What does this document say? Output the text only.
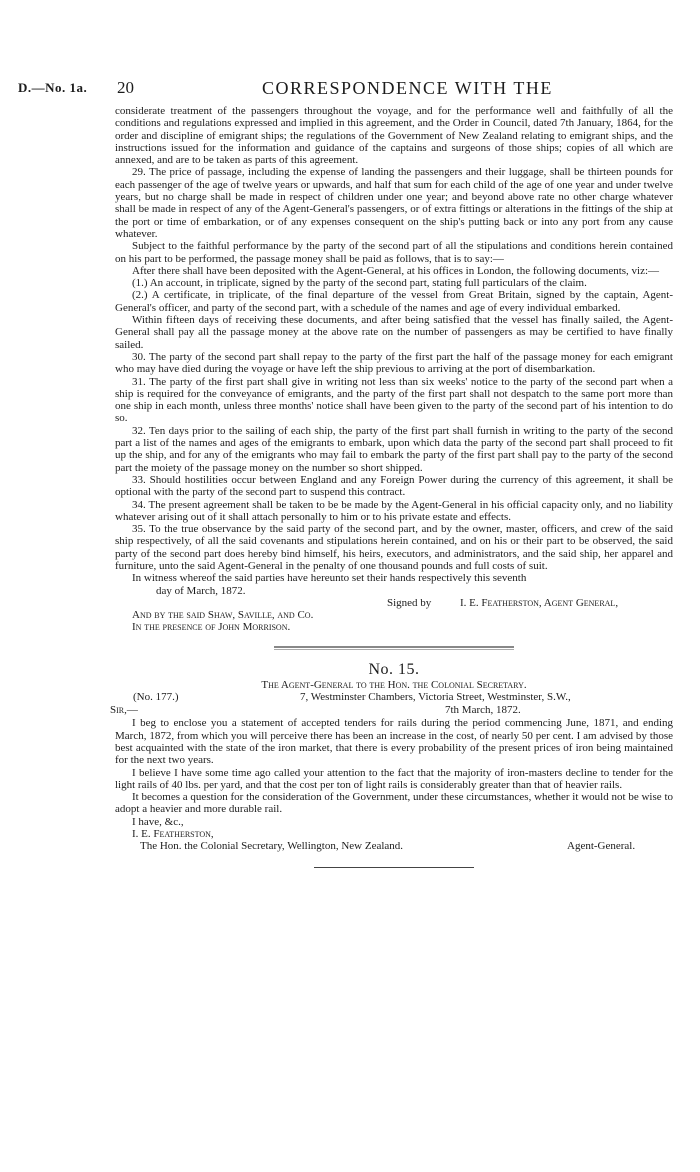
D.—No. 1a. 20	CORRESPONDENCE WITH THE

considerate treatment of the passengers throughout the voyage, and for the performance well and faithfully of all the conditions and regulations expressed and implied in this agreement, and the Order in Council, dated 7th January, 1864, for the order and discipline of emigrant ships; the regulations of the Government of New Zealand relating to emigrant ships, and the instructions issued for the information and guidance of the captains and surgeons of those ships; copies of all which are annexed, and are to be taken as parts of this agreement.

29. The price of passage, including the expense of landing the passengers and their luggage, shall be thirteen pounds for each passenger of the age of twelve years or upwards, and half that sum for each child of the age of one year and under twelve years, but no charge shall be made in respect of children under one year; and beyond above rate no other charge whatever shall be made in respect of any of the Agent-General's passengers, or of extra fittings or alterations in the fittings of the ship at the port or time of embarkation, or of any expenses consequent on the ship's putting back or into any port from any cause whatever.

Subject to the faithful performance by the party of the second part of all the stipulations and conditions herein contained on his part to be performed, the passage money shall be paid as follows, that is to say:—

After there shall have been deposited with the Agent-General, at his offices in London, the following documents, viz:—

(1.) An account, in triplicate, signed by the party of the second part, stating full particulars of the claim.

(2.) A certificate, in triplicate, of the final departure of the vessel from Great Britain, signed by the captain, Agent-General's officer, and party of the second part, with a schedule of the names and age of every individual embarked.

Within fifteen days of receiving these documents, and after being satisfied that the vessel has finally sailed, the Agent-General shall pay all the passage money at the above rate on the number of passengers as may be certified to have finally sailed.

30. The party of the second part shall repay to the party of the first part the half of the passage money for each emigrant who may have died during the voyage or have left the ship previous to arriving at the port of disembarkation.

31. The party of the first part shall give in writing not less than six weeks' notice to the party of the second part when a ship is required for the conveyance of emigrants, and the party of the first part shall not despatch to the same port more than one ship in each month, unless three months' notice shall have been given to the party of the second part of his intention to do so.

32. Ten days prior to the sailing of each ship, the party of the first part shall furnish in writing to the party of the second part a list of the names and ages of the emigrants to embark, upon which data the party of the second part shall proceed to fit up the ship, and for any of the emigrants who may fail to embark the party of the first part shall pay to the party of the second part the moiety of the passage money on the number so short shipped.

33. Should hostilities occur between England and any Foreign Power during the currency of this agreement, it shall be optional with the party of the second part to suspend this contract.

34. The present agreement shall be taken to be be made by the Agent-General in his official capacity only, and no liability whatever arising out of it shall attach personally to him or to his private estate and effects.

35. To the true observance by the said party of the second part, and by the owner, master, officers, and crew of the said ship respectively, of all the said covenants and stipulations herein contained, and on his or their part to be observed, the said party of the second part does hereby bind himself, his heirs, executors, and administrators, and the said ship, her apparel and furniture, unto the said Agent-General in the penalty of one thousand pounds and full costs of suit.

In witness whereof the said parties have hereunto set their hands respectively this seventh
day of March, 1872.

Signed by	I. E. Featherston, Agent General,

And by the said Shaw, Saville, and Co.

In the presence of John Morrison.

No. 15.
The Agent-General to the Hon. the Colonial Secretary.
(No. 177.)	7, Westminster Chambers, Victoria Street, Westminster, S.W.,
Sir,—	7th March, 1872.

I beg to enclose you a statement of accepted tenders for rails during the period commencing June, 1871, and ending March, 1872, from which you will perceive there has been an increase in the cost, of nearly 50 per cent. I am advised by those best acquainted with the state of the iron market, that there is every probability of the present prices of iron being maintained for the next two years.

I believe I have some time ago called your attention to the fact that the majority of iron-masters decline to tender for the light rails of 40 lbs. per yard, and that the cost per ton of light rails is considerably greater than that of heavier rails.

It becomes a question for the consideration of the Government, under these circumstances, whether it would not be wise to adopt a heavier and more durable rail.

I have, &c.,

I. E. Featherston,

The Hon. the Colonial Secretary, Wellington, New Zealand.	Agent-General.
